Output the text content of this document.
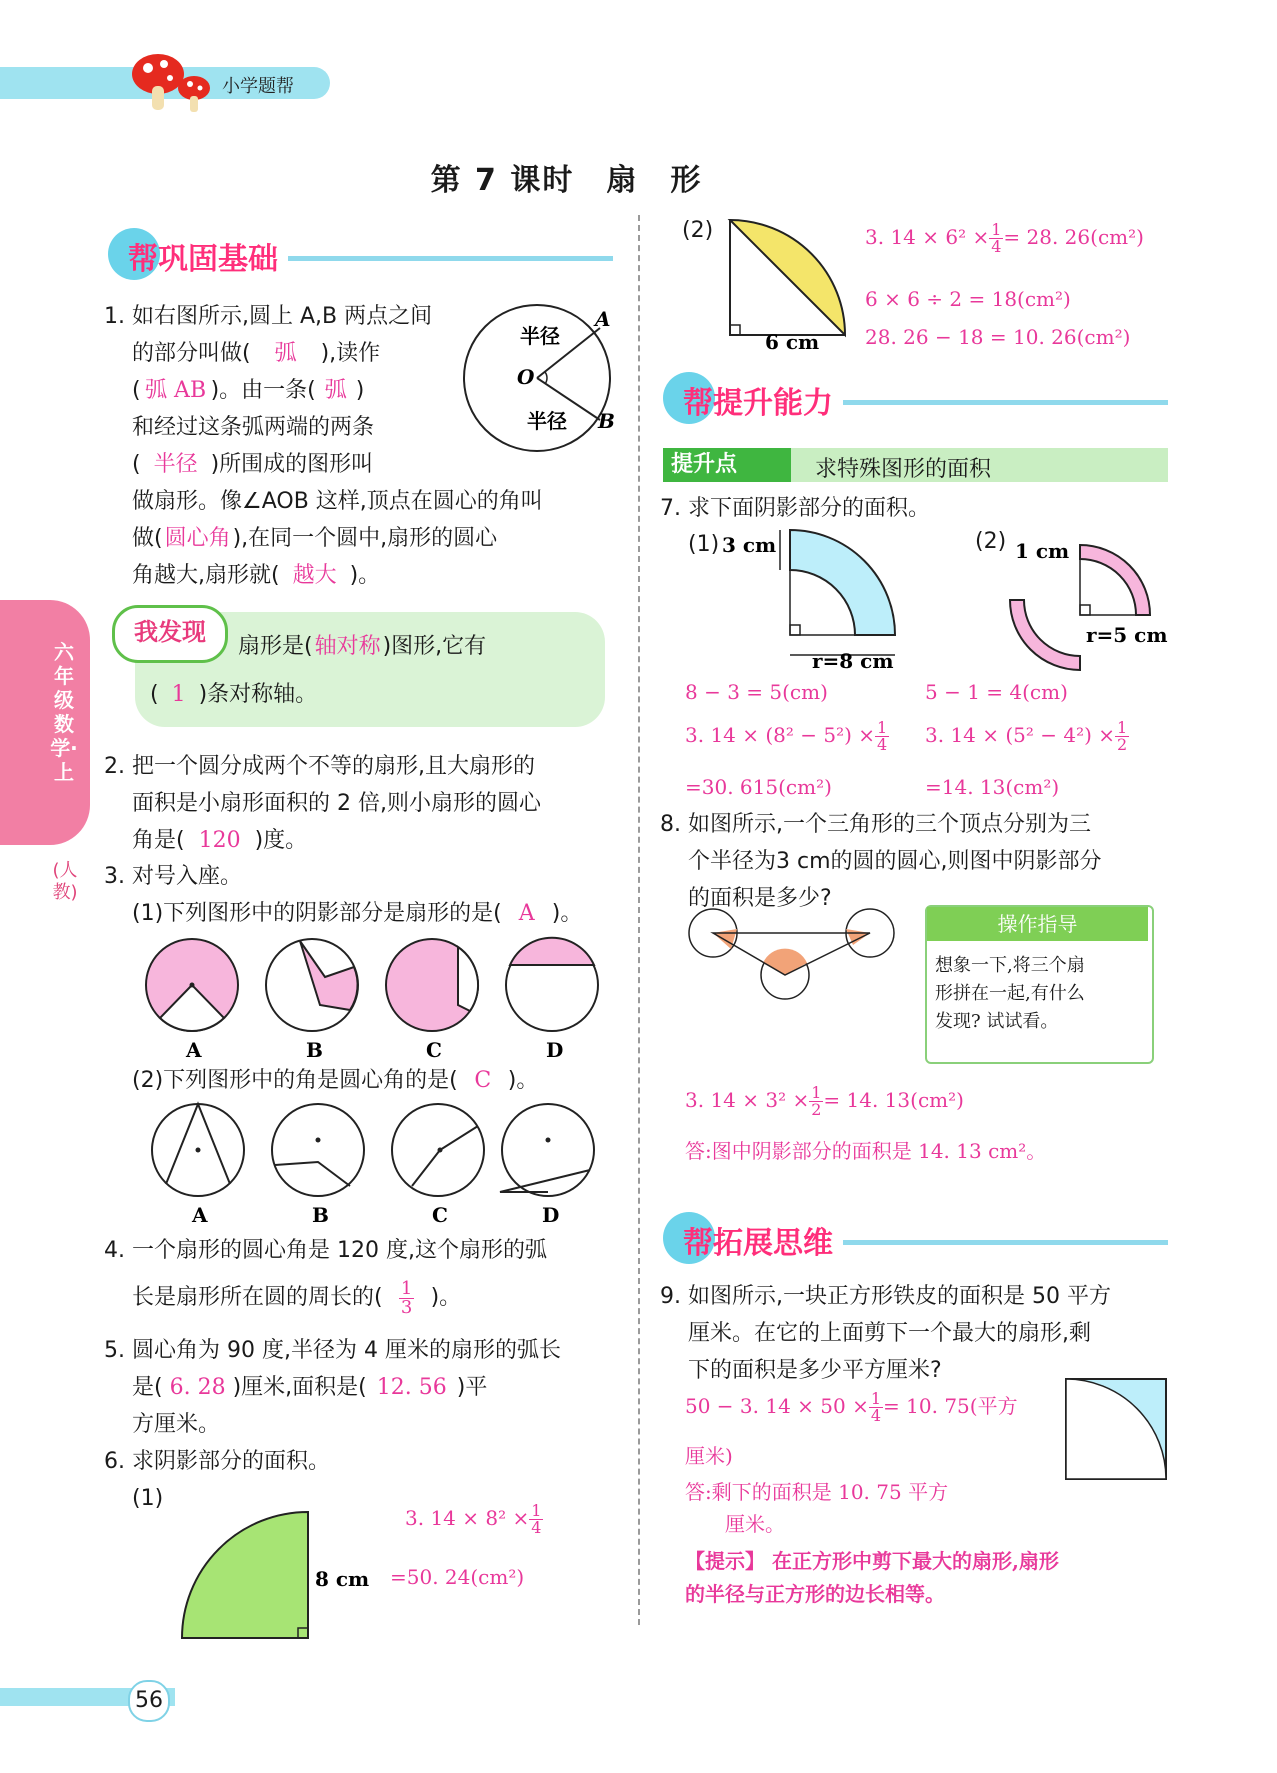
小学题帮
第 7 课时　扇　形
帮巩固基础
1. 如右图所示,圆上 A,B 两点之间
的部分叫做( 弧 ),读作
( 弧 AB )。由一条( 弧 )
和经过这条弧两端的两条
( 半径 )所围成的图形叫
做扇形。像∠AOB 这样,顶点在圆心的角叫
做(圆心角),在同一个圆中,扇形的圆心
角越大,扇形就( 越大 )。
半径
半径
O
A
B
六年级数学·上
(人教)
我发现
扇形是(轴对称)图形,它有
( 1 )条对称轴。
2. 把一个圆分成两个不等的扇形,且大扇形的
面积是小扇形面积的 2 倍,则小扇形的圆心
角是( 120 )度。
3. 对号入座。
(1)下列图形中的阴影部分是扇形的是( A )。
A	B	C	D
(2)下列图形中的角是圆心角的是( C )。
A	B	C	D
4. 一个扇形的圆心角是 120 度,这个扇形的弧
长是扇形所在圆的周长的( $\frac{1}{3}$ )。
5. 圆心角为 90 度,半径为 4 厘米的扇形的弧长
是( 6. 28 )厘米,面积是( 12. 56 )平
方厘米。
6. 求阴影部分的面积。
(1)
8 cm
3. $14 \times 8^2 \times \frac{1}{4}$
=50. 24(cm²)
(2)
6 cm
3. $14 \times 6^2 \times \frac{1}{4} = 28$. 26(cm²)
6 × 6 ÷ 2 = 18(cm²)
28. 26 − 18 = 10. 26(cm²)
帮提升能力
提升点	求特殊图形的面积
7. 求下面阴影部分的面积。
(1) 3 cm
r=8 cm
(2) 1 cm
r=5 cm
8 − 3 = 5(cm)
3. $14 \times (8^2 - 5^2) \times \frac{1}{4}$
=30. 615(cm²)
5 − 1 = 4(cm)
3. $14 \times (5^2 - 4^2) \times \frac{1}{2}$
=14. 13(cm²)
8. 如图所示,一个三角形的三个顶点分别为三
个半径为3 cm的圆的圆心,则图中阴影部分
的面积是多少?
操作指导
想象一下,将三个扇
形拼在一起,有什么
发现? 试试看。
3. $14 \times 3^2 \times \frac{1}{2} = 14$. 13(cm²)
答:图中阴影部分的面积是 14. 13 cm²。
帮拓展思维
9. 如图所示,一块正方形铁皮的面积是 50 平方
厘米。在它的上面剪下一个最大的扇形,剩
下的面积是多少平方厘米?
50 − 3. $14 \times 50 \times \frac{1}{4} = 10$. 75(平方
厘米)
答:剩下的面积是 10. 75 平方
厘米。
【提示】 在正方形中剪下最大的扇形,扇形
的半径与正方形的边长相等。
56
